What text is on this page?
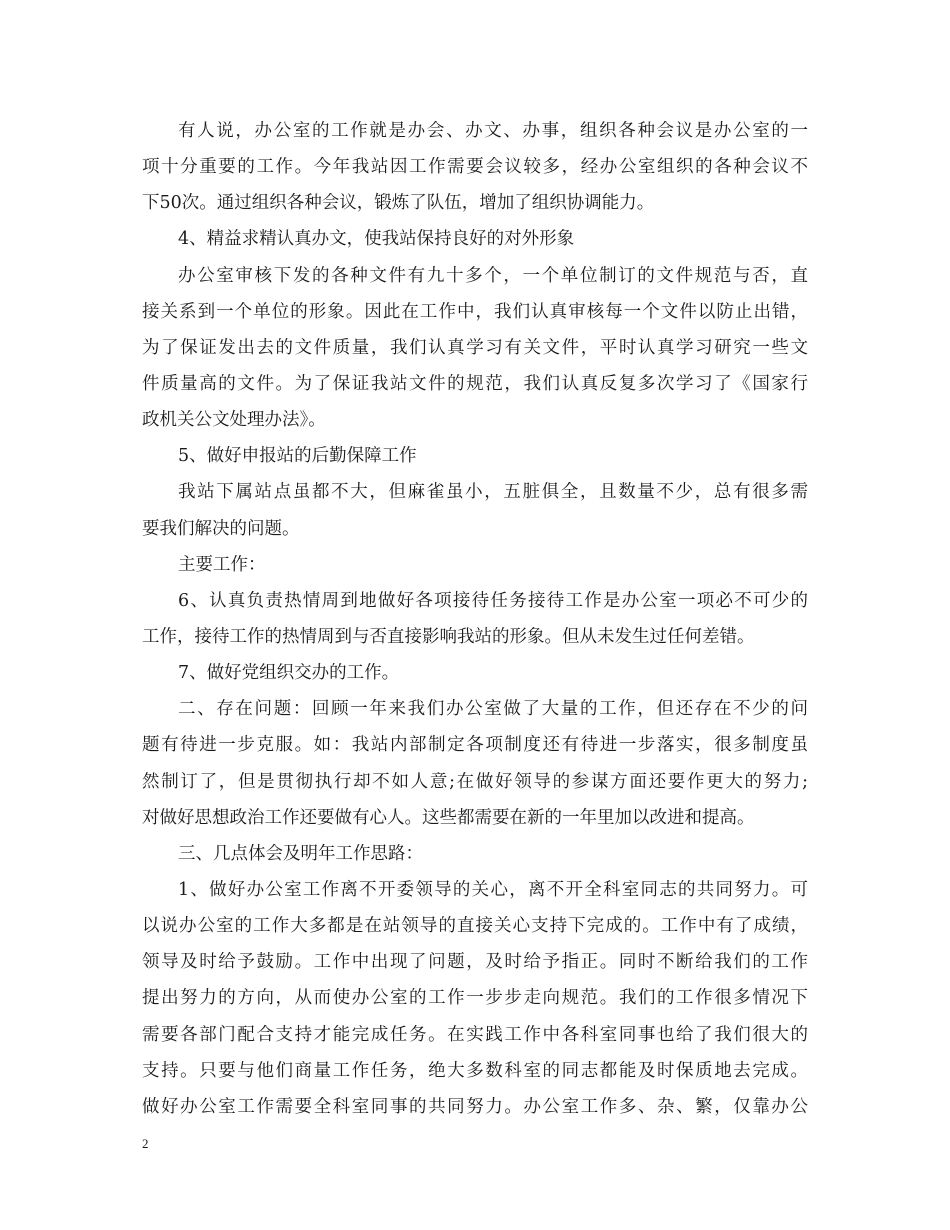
有人说，办公室的工作就是办会、办文、办事，组织各种会议是办公室的一
项十分重要的工作。今年我站因工作需要会议较多，经办公室组织的各种会议不
下50次。通过组织各种会议，锻炼了队伍，增加了组织协调能力。
4、精益求精认真办文，使我站保持良好的对外形象
办公室审核下发的各种文件有九十多个，一个单位制订的文件规范与否，直
接关系到一个单位的形象。因此在工作中，我们认真审核每一个文件以防止出错，
为了保证发出去的文件质量，我们认真学习有关文件，平时认真学习研究一些文
件质量高的文件。为了保证我站文件的规范，我们认真反复多次学习了《国家行
政机关公文处理办法》。
5、做好申报站的后勤保障工作
我站下属站点虽都不大，但麻雀虽小，五脏俱全，且数量不少，总有很多需
要我们解决的问题。
主要工作：
6、认真负责热情周到地做好各项接待任务接待工作是办公室一项必不可少的
工作，接待工作的热情周到与否直接影响我站的形象。但从未发生过任何差错。
7、做好党组织交办的工作。
二、存在问题：回顾一年来我们办公室做了大量的工作，但还存在不少的问
题有待进一步克服。如：我站内部制定各项制度还有待进一步落实，很多制度虽
然制订了，但是贯彻执行却不如人意;在做好领导的参谋方面还要作更大的努力;
对做好思想政治工作还要做有心人。这些都需要在新的一年里加以改进和提高。
三、几点体会及明年工作思路：
1、做好办公室工作离不开委领导的关心，离不开全科室同志的共同努力。可
以说办公室的工作大多都是在站领导的直接关心支持下完成的。工作中有了成绩，
领导及时给予鼓励。工作中出现了问题，及时给予指正。同时不断给我们的工作
提出努力的方向，从而使办公室的工作一步步走向规范。我们的工作很多情况下
需要各部门配合支持才能完成任务。在实践工作中各科室同事也给了我们很大的
支持。只要与他们商量工作任务，绝大多数科室的同志都能及时保质地去完成。
做好办公室工作需要全科室同事的共同努力。办公室工作多、杂、繁，仅靠办公
2
